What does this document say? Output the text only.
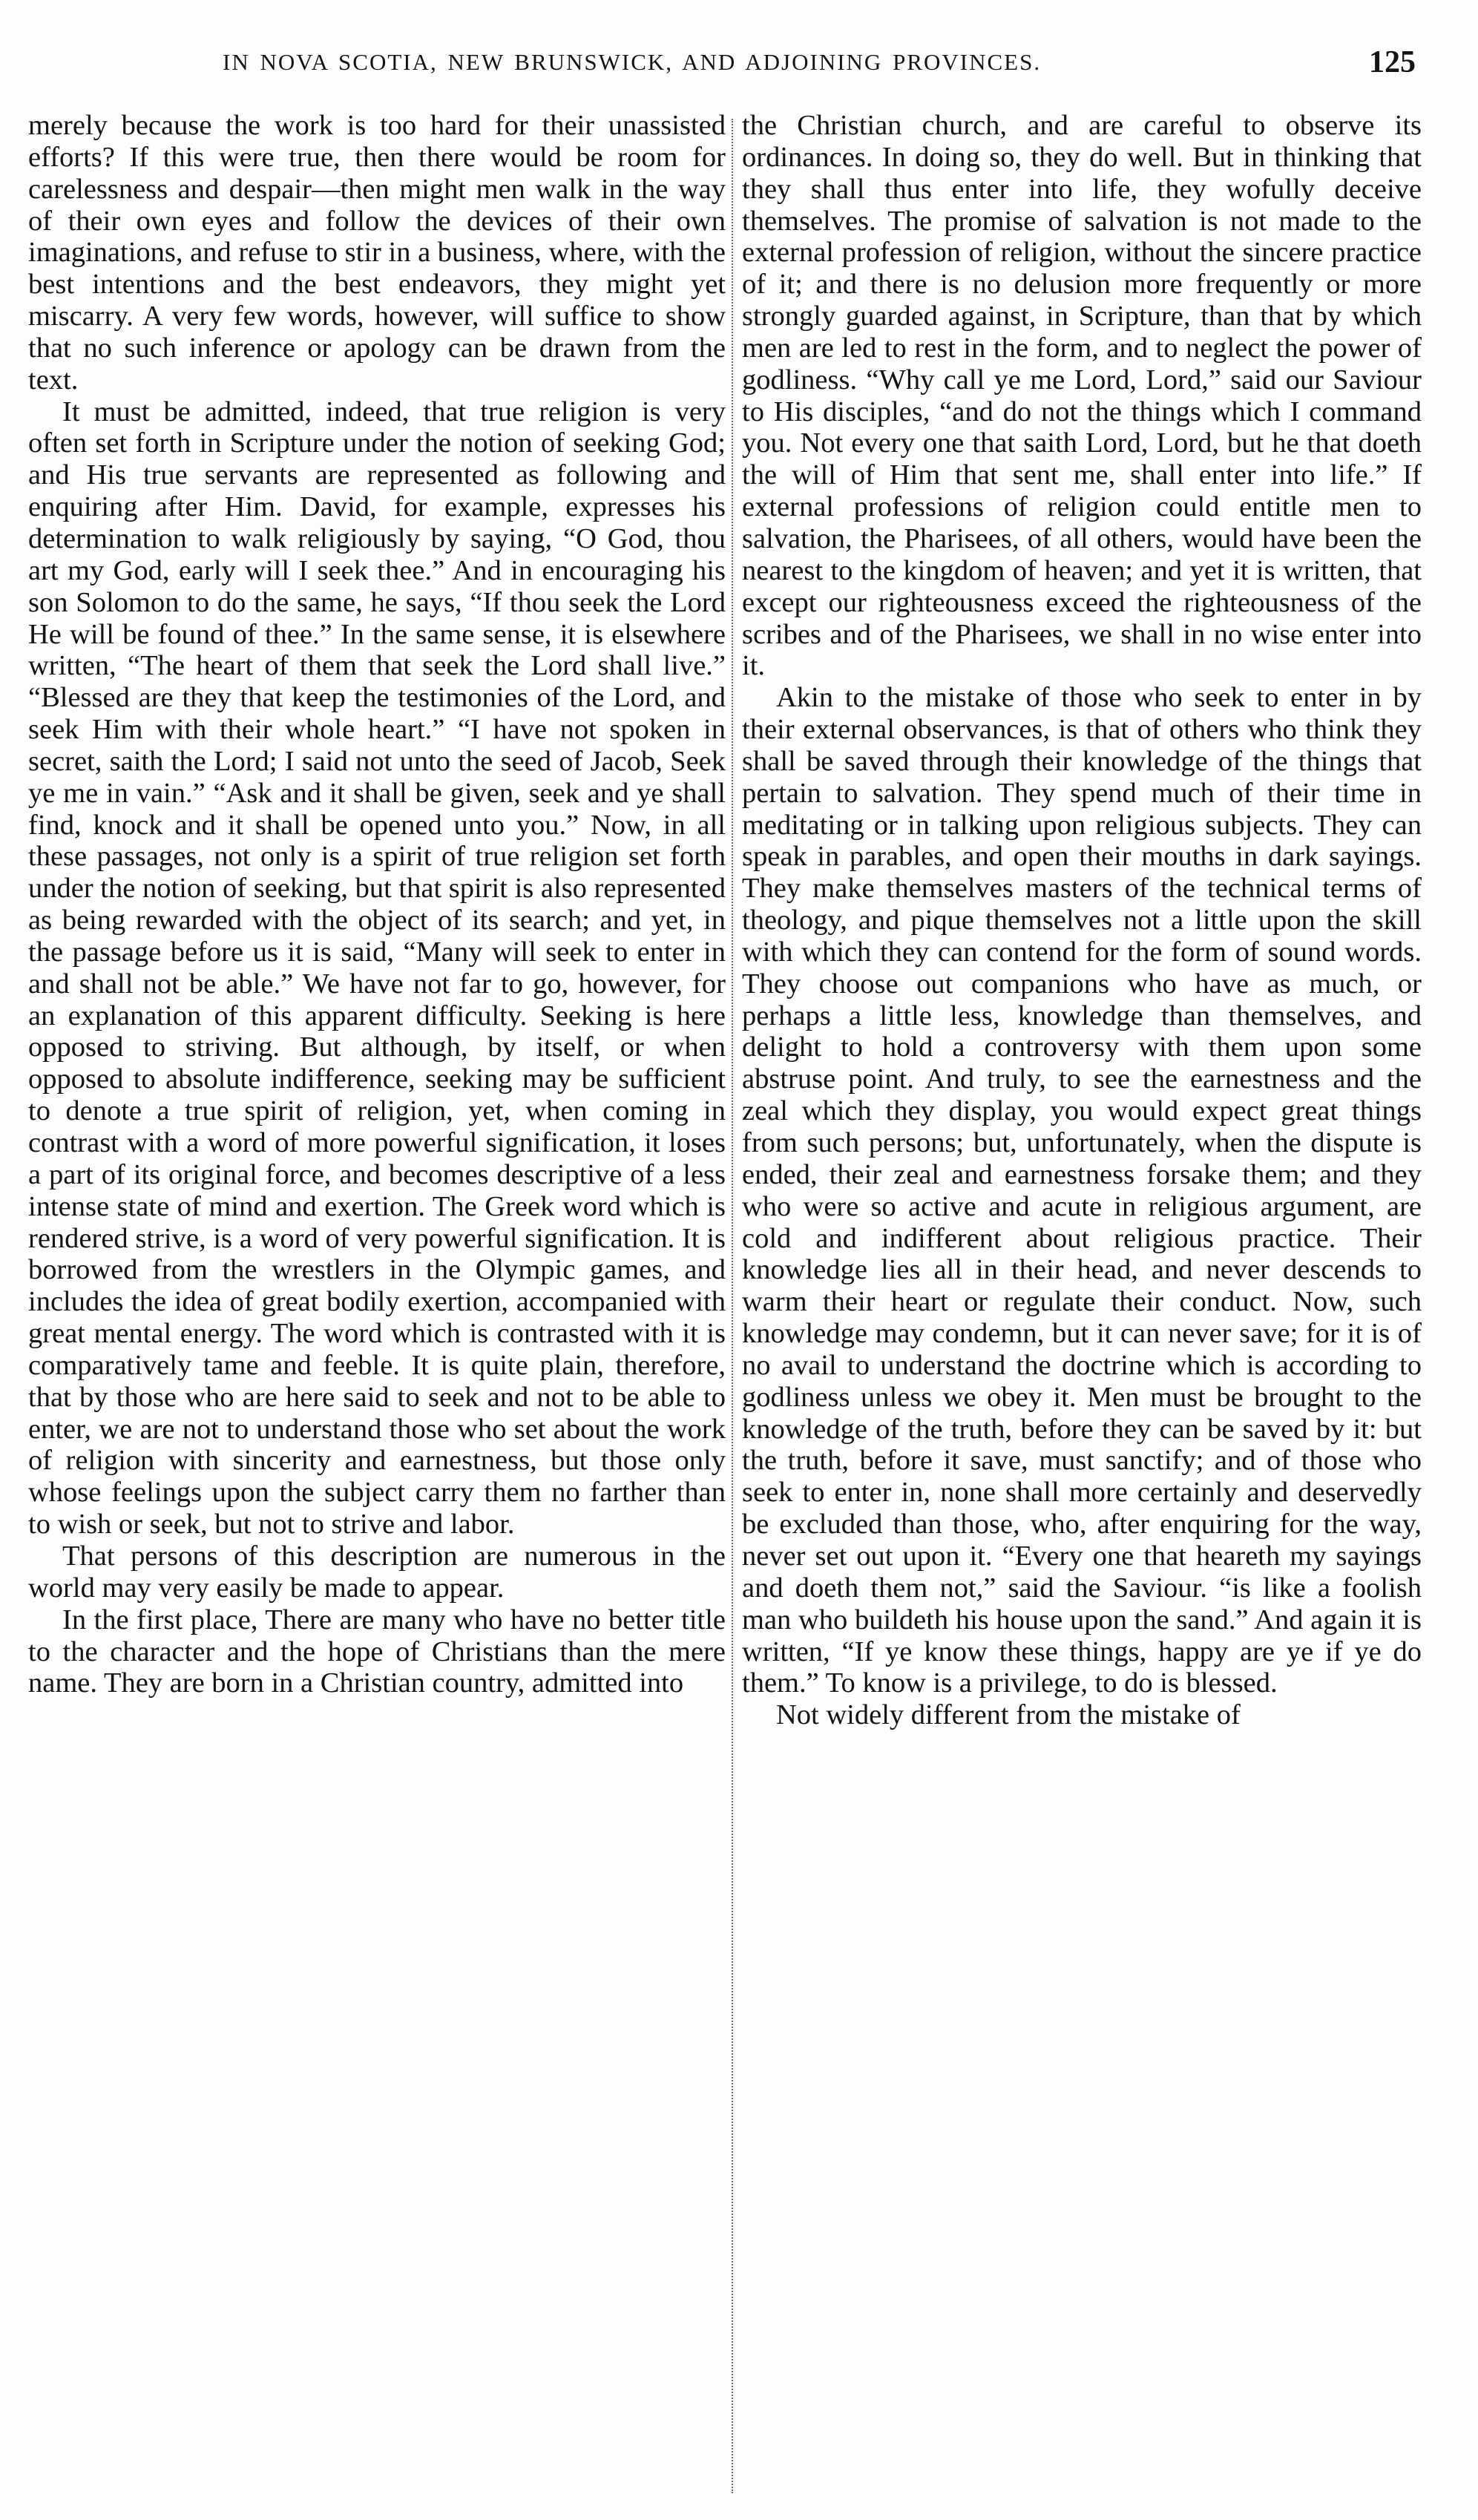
IN NOVA SCOTIA, NEW BRUNSWICK, AND ADJOINING PROVINCES.	125

merely because the work is too hard for their unassisted efforts? If this were true, then there would be room for carelessness and despair—then might men walk in the way of their own eyes and follow the devices of their own imaginations, and refuse to stir in a business, where, with the best intentions and the best endeavors, they might yet miscarry. A very few words, however, will suffice to show that no such inference or apology can be drawn from the text.

It must be admitted, indeed, that true religion is very often set forth in Scripture under the notion of seeking God; and His true servants are represented as following and enquiring after Him. David, for example, expresses his determination to walk religiously by saying, “O God, thou art my God, early will I seek thee.” And in encouraging his son Solomon to do the same, he says, “If thou seek the Lord He will be found of thee.” In the same sense, it is elsewhere written, “The heart of them that seek the Lord shall live.” “Blessed are they that keep the testimonies of the Lord, and seek Him with their whole heart.” “I have not spoken in secret, saith the Lord; I said not unto the seed of Jacob, Seek ye me in vain.” “Ask and it shall be given, seek and ye shall find, knock and it shall be opened unto you.” Now, in all these passages, not only is a spirit of true religion set forth under the notion of seeking, but that spirit is also represented as being rewarded with the object of its search; and yet, in the passage before us it is said, “Many will seek to enter in and shall not be able.” We have not far to go, however, for an explanation of this apparent difficulty. Seeking is here opposed to striving. But although, by itself, or when opposed to absolute indifference, seeking may be sufficient to denote a true spirit of religion, yet, when coming in contrast with a word of more powerful signification, it loses a part of its original force, and becomes descriptive of a less intense state of mind and exertion. The Greek word which is rendered strive, is a word of very powerful signification. It is borrowed from the wrestlers in the Olympic games, and includes the idea of great bodily exertion, accompanied with great mental energy. The word which is contrasted with it is comparatively tame and feeble. It is quite plain, therefore, that by those who are here said to seek and not to be able to enter, we are not to understand those who set about the work of religion with sincerity and earnestness, but those only whose feelings upon the subject carry them no farther than to wish or seek, but not to strive and labor.

That persons of this description are numerous in the world may very easily be made to appear.

In the first place, There are many who have no better title to the character and the hope of Christians than the mere name. They are born in a Christian country, admitted into

the Christian church, and are careful to observe its ordinances. In doing so, they do well. But in thinking that they shall thus enter into life, they wofully deceive themselves. The promise of salvation is not made to the external profession of religion, without the sincere practice of it; and there is no delusion more frequently or more strongly guarded against, in Scripture, than that by which men are led to rest in the form, and to neglect the power of godliness. “Why call ye me Lord, Lord,” said our Saviour to His disciples, “and do not the things which I command you. Not every one that saith Lord, Lord, but he that doeth the will of Him that sent me, shall enter into life.” If external professions of religion could entitle men to salvation, the Pharisees, of all others, would have been the nearest to the kingdom of heaven; and yet it is written, that except our righteousness exceed the righteousness of the scribes and of the Pharisees, we shall in no wise enter into it.

Akin to the mistake of those who seek to enter in by their external observances, is that of others who think they shall be saved through their knowledge of the things that pertain to salvation. They spend much of their time in meditating or in talking upon religious subjects. They can speak in parables, and open their mouths in dark sayings. They make themselves masters of the technical terms of theology, and pique themselves not a little upon the skill with which they can contend for the form of sound words. They choose out companions who have as much, or perhaps a little less, knowledge than themselves, and delight to hold a controversy with them upon some abstruse point. And truly, to see the earnestness and the zeal which they display, you would expect great things from such persons; but, unfortunately, when the dispute is ended, their zeal and earnestness forsake them; and they who were so active and acute in religious argument, are cold and indifferent about religious practice. Their knowledge lies all in their head, and never descends to warm their heart or regulate their conduct. Now, such knowledge may condemn, but it can never save; for it is of no avail to understand the doctrine which is according to godliness unless we obey it. Men must be brought to the knowledge of the truth, before they can be saved by it: but the truth, before it save, must sanctify; and of those who seek to enter in, none shall more certainly and deservedly be excluded than those, who, after enquiring for the way, never set out upon it. “Every one that heareth my sayings and doeth them not,” said the Saviour. “is like a foolish man who buildeth his house upon the sand.” And again it is written, “If ye know these things, happy are ye if ye do them.” To know is a privilege, to do is blessed.

Not widely different from the mistake of
